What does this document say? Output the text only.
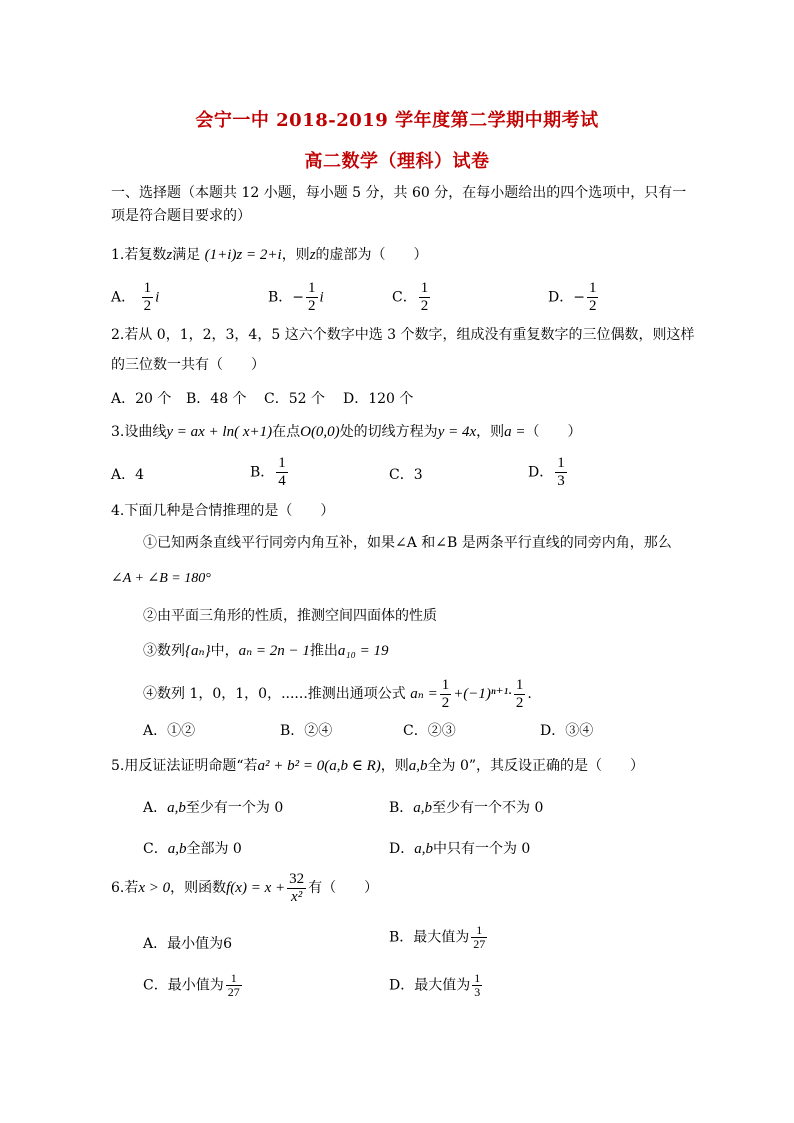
会宁一中 2018-2019 学年度第二学期中期考试
高二数学（理科）试卷
一、选择题（本题共 12 小题，每小题 5 分，共 60 分，在每小题给出的四个选项中，只有一
项是符合题目要求的）
1.若复数z满足 (1+i)z = 2+i，则z的虚部为（　　）
A． $\frac{1}{2}$ i	B．− $\frac{1}{2}$ i	C． $\frac{1}{2}$	D．− $\frac{1}{2}$
2.若从 0，1，2，3，4，5 这六个数字中选 3 个数字，组成没有重复数字的三位偶数，则这样
的三位数一共有（　　）
A．20 个 B．48 个 C．52 个 D．120 个
3.设曲线y = ax + ln( x+1)在点O(0,0)处的切线方程为y = 4x，则a =（　　）
A．4	B． $\frac{1}{4}$	C．3	D． $\frac{1}{3}$
4.下面几种是合情推理的是（　　）
①已知两条直线平行同旁内角互补，如果∠A 和∠B 是两条平行直线的同旁内角，那么
∠A + ∠B = 180°
②由平面三角形的性质，推测空间四面体的性质
③数列{aₙ}中，aₙ = 2n − 1推出a₁₀ = 19
④数列 1，0，1，0，......推测出通项公式 $a_n = \frac{1}{2} +(-1)^{n+1}\cdot \frac{1}{2}$ .
A．①②	B．②④	C．②③	D．③④
5.用反证法证明命题“若a² + b² = 0(a,b ∈ R)，则a,b全为 0”，其反设正确的是（　　）
A．a,b至少有一个为 0	B．a,b至少有一个不为 0
C．a,b全部为 0	D．a,b中只有一个为 0
6.若x > 0，则函数$f(x) = x + \frac{32}{\text{x²}}$ 有（　　）
A．最小值为6	B．最大值为 $\frac{1}{27}$
C．最小值为 $\frac{1}{27}$	D．最大值为 $\frac{1}{3}$
